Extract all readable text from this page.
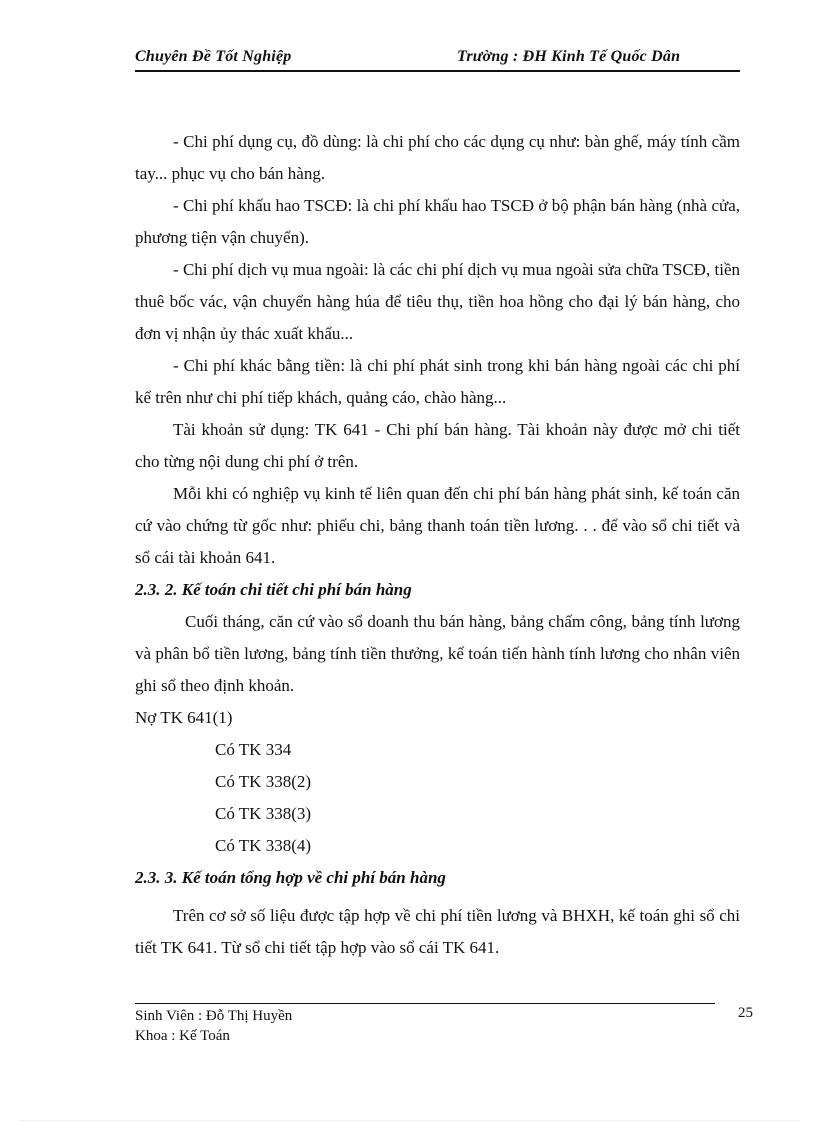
Chuyên Đề Tốt Nghiệp	Trường : ĐH Kinh Tế Quốc Dân

- Chi phí dụng cụ, đồ dùng: là chi phí cho các dụng cụ như: bàn ghế, máy tính cầm tay... phục vụ cho bán hàng.

- Chi phí khấu hao TSCĐ: là chi phí khấu hao TSCĐ ở bộ phận bán hàng (nhà cửa, phương tiện vận chuyển).

- Chi phí dịch vụ mua ngoài: là các chi phí dịch vụ mua ngoài sửa chữa TSCĐ, tiền thuê bốc vác, vận chuyển hàng húa để tiêu thụ, tiền hoa hồng cho đại lý bán hàng, cho đơn vị nhận ủy thác xuất khẩu...

- Chi phí khác bằng tiền: là chi phí phát sinh trong khi bán hàng ngoài các chi phí kể trên như chi phí tiếp khách, quảng cáo, chào hàng...

Tài khoản sử dụng: TK 641 - Chi phí bán hàng. Tài khoản này được mở chi tiết cho từng nội dung chi phí ở trên.

Mỗi khi có nghiệp vụ kinh tế liên quan đến chi phí bán hàng phát sinh, kế toán căn cứ vào chứng từ gốc như: phiếu chi, bảng thanh toán tiền lương. . . để vào sổ chi tiết và sổ cái tài khoản 641.

2.3. 2. Kế toán chi tiết chi phí bán hàng

Cuối tháng, căn cứ vào sổ doanh thu bán hàng, bảng chấm công, bảng tính lương và phân bổ tiền lương, bảng tính tiền thưởng, kế toán tiến hành tính lương cho nhân viên ghi sổ theo định khoản.

Nợ TK 641(1)

Có TK 334

Có TK 338(2)

Có TK 338(3)

Có TK 338(4)

2.3. 3. Kế toán tổng hợp về chi phí bán hàng

Trên cơ sở số liệu được tập hợp về chi phí tiền lương và BHXH, kế toán ghi sổ chi tiết TK 641. Từ sổ chi tiết tập hợp vào sổ cái TK 641.

Sinh Viên : Đỗ Thị Huyền
Khoa : Kế Toán
25
